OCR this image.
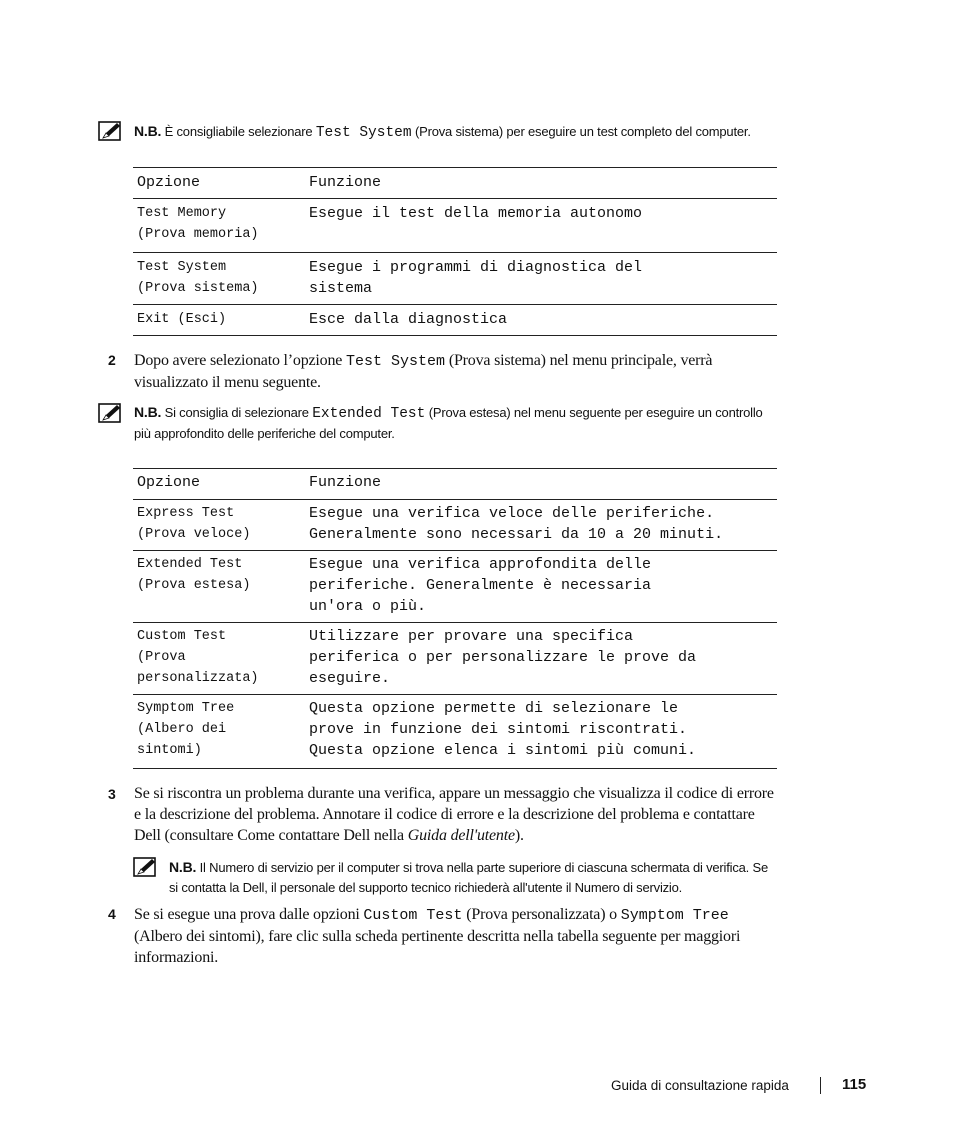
N.B. È consigliabile selezionare Test System (Prova sistema) per eseguire un test completo del computer.
Opzione	Funzione
Test Memory
(Prova memoria)	Esegue il test della memoria autonomo
Test System
(Prova sistema)	Esegue i programmi di diagnostica del
sistema
Exit (Esci)	Esce dalla diagnostica
2 Dopo avere selezionato l’opzione Test System (Prova sistema) nel menu principale, verrà
visualizzato il menu seguente.
N.B. Si consiglia di selezionare Extended Test (Prova estesa) nel menu seguente per eseguire un controllo
più approfondito delle periferiche del computer.
Opzione	Funzione
Express Test
(Prova veloce)	Esegue una verifica veloce delle periferiche.
Generalmente sono necessari da 10 a 20 minuti.
Extended Test
(Prova estesa)	Esegue una verifica approfondita delle
periferiche. Generalmente è necessaria
un'ora o più.
Custom Test
(Prova
personalizzata)	Utilizzare per provare una specifica
periferica o per personalizzare le prove da
eseguire.
Symptom Tree
(Albero dei
sintomi)	Questa opzione permette di selezionare le
prove in funzione dei sintomi riscontrati.
Questa opzione elenca i sintomi più comuni.
3 Se si riscontra un problema durante una verifica, appare un messaggio che visualizza il codice di errore
e la descrizione del problema. Annotare il codice di errore e la descrizione del problema e contattare
Dell (consultare Come contattare Dell nella Guida dell'utente).
N.B. Il Numero di servizio per il computer si trova nella parte superiore di ciascuna schermata di verifica. Se
si contatta la Dell, il personale del supporto tecnico richiederà all'utente il Numero di servizio.
4 Se si esegue una prova dalle opzioni Custom Test (Prova personalizzata) o Symptom Tree
(Albero dei sintomi), fare clic sulla scheda pertinente descritta nella tabella seguente per maggiori
informazioni.
Guida di consultazione rapida	115
